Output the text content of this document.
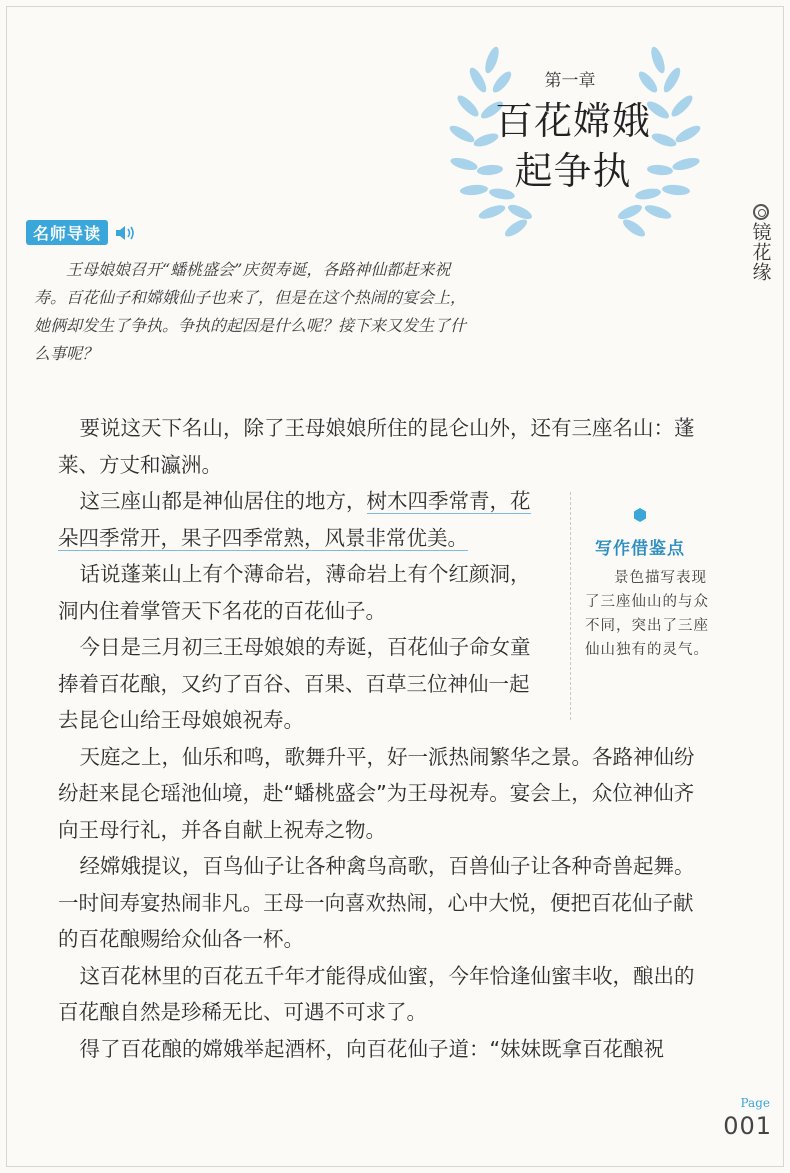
第一章
百花嫦娥
起争执
镜花缘
名师导读

王母娘娘召开“蟠桃盛会”庆贺寿诞，各路神仙都赶来祝寿。百花仙子和嫦娥仙子也来了，但是在这个热闹的宴会上，她俩却发生了争执。争执的起因是什么呢？接下来又发生了什么事呢？

要说这天下名山，除了王母娘娘所住的昆仑山外，还有三座名山：蓬莱、方丈和瀛洲。

这三座山都是神仙居住的地方，树木四季常青，花朵四季常开，果子四季常熟，风景非常优美。

话说蓬莱山上有个薄命岩，薄命岩上有个红颜洞，洞内住着掌管天下名花的百花仙子。

今日是三月初三王母娘娘的寿诞，百花仙子命女童捧着百花酿，又约了百谷、百果、百草三位神仙一起去昆仑山给王母娘娘祝寿。

天庭之上，仙乐和鸣，歌舞升平，好一派热闹繁华之景。各路神仙纷纷赶来昆仑瑶池仙境，赴“蟠桃盛会”为王母祝寿。宴会上，众位神仙齐向王母行礼，并各自献上祝寿之物。

经嫦娥提议，百鸟仙子让各种禽鸟高歌，百兽仙子让各种奇兽起舞。一时间寿宴热闹非凡。王母一向喜欢热闹，心中大悦，便把百花仙子献的百花酿赐给众仙各一杯。

这百花林里的百花五千年才能得成仙蜜，今年恰逢仙蜜丰收，酿出的百花酿自然是珍稀无比、可遇不可求了。

得了百花酿的嫦娥举起酒杯，向百花仙子道：“妹妹既拿百花酿祝

写作借鉴点

景色描写表现了三座仙山的与众不同，突出了三座仙山独有的灵气。

Page
001
